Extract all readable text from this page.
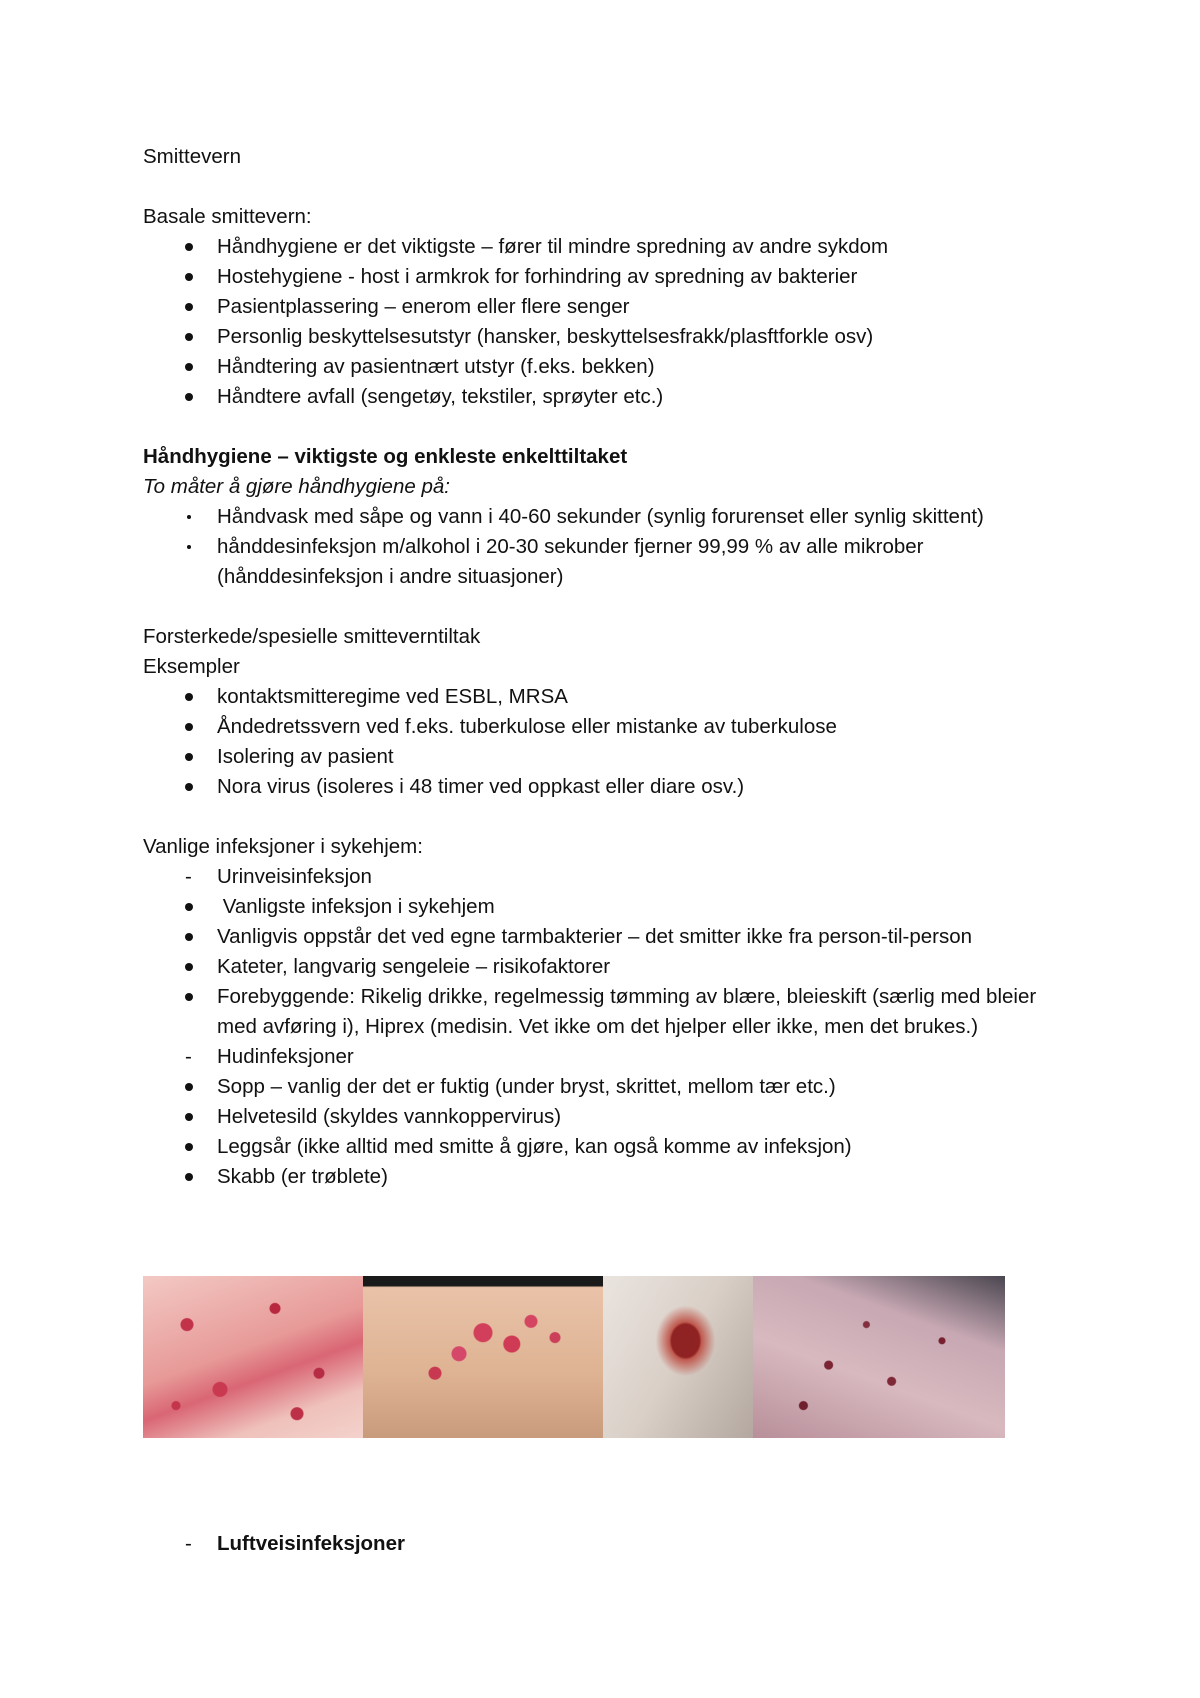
Smittevern
Basale smittevern:
Håndhygiene er det viktigste – fører til mindre spredning av andre sykdom
Hostehygiene - host i armkrok for forhindring av spredning av bakterier
Pasientplassering – enerom eller flere senger
Personlig beskyttelsesutstyr (hansker, beskyttelsesfrakk/plasftforkle osv)
Håndtering av pasientnært utstyr (f.eks. bekken)
Håndtere avfall (sengetøy, tekstiler, sprøyter etc.)
Håndhygiene – viktigste og enkleste enkelttiltaket
To måter å gjøre håndhygiene på:
Håndvask med såpe og vann i 40-60 sekunder (synlig forurenset eller synlig skittent)
hånddesinfeksjon m/alkohol i 20-30 sekunder fjerner 99,99 % av alle mikrober (hånddesinfeksjon i andre situasjoner)
Forsterkede/spesielle smitteverntiltak
Eksempler
kontaktsmitteregime ved ESBL, MRSA
Åndedretssvern ved f.eks. tuberkulose eller mistanke av tuberkulose
Isolering av pasient
Nora virus (isoleres i 48 timer ved oppkast eller diare osv.)
Vanlige infeksjoner i sykehjem:
- Urinveisinfeksjon
Vanligste infeksjon i sykehjem
Vanligvis oppstår det ved egne tarmbakterier – det smitter ikke fra person-til-person
Kateter, langvarig sengeleie – risikofaktorer
Forebyggende: Rikelig drikke, regelmessig tømming av blære, bleieskift (særlig med bleier med avføring i), Hiprex (medisin. Vet ikke om det hjelper eller ikke, men det brukes.)
- Hudinfeksjoner
Sopp – vanlig der det er fuktig (under bryst, skrittet, mellom tær etc.)
Helvetesild (skyldes vannkoppervirus)
Leggsår (ikke alltid med smitte å gjøre, kan også komme av infeksjon)
Skabb (er trøblete)
- Luftveisinfeksjoner
